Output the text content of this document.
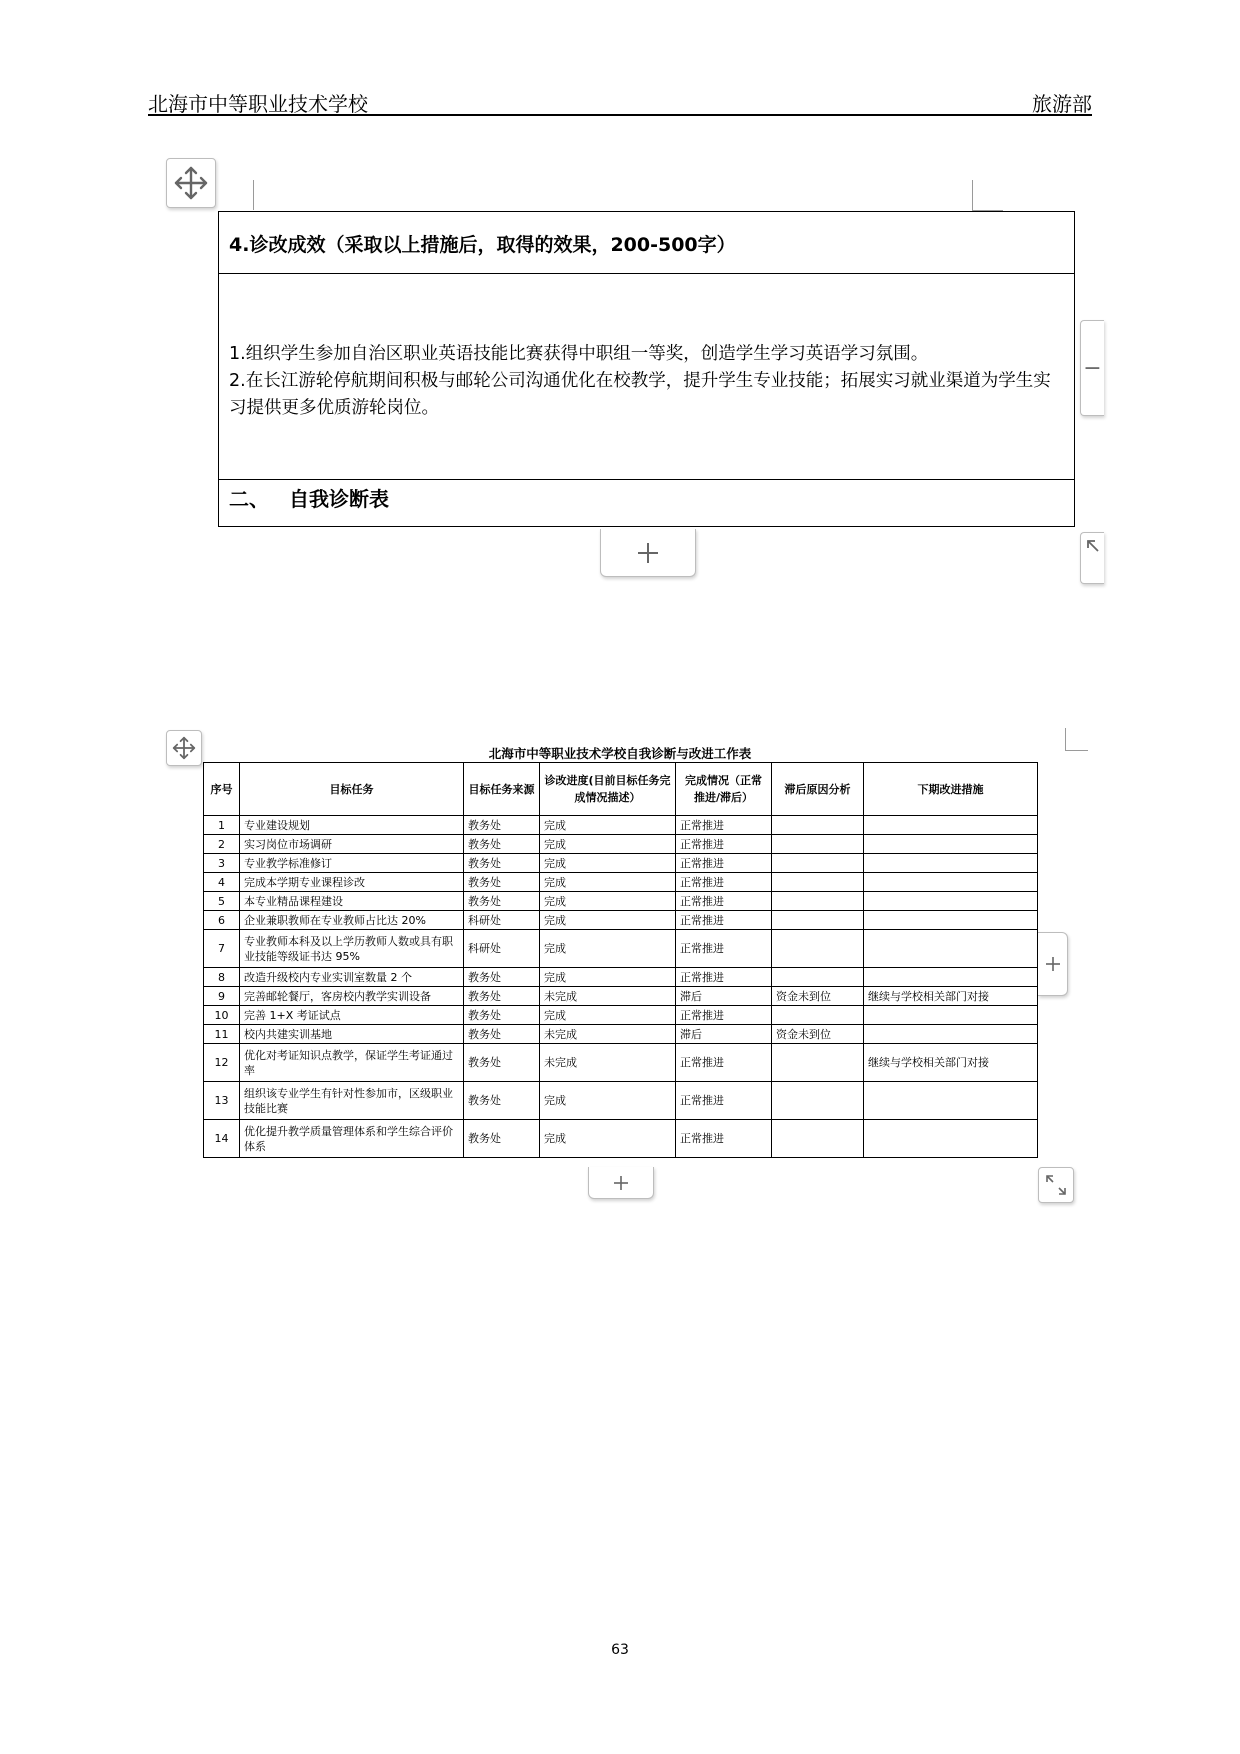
北海市中等职业技术学校	旅游部
4.诊改成效（采取以上措施后，取得的效果，200-500字）
1.组织学生参加自治区职业英语技能比赛获得中职组一等奖，创造学生学习英语学习氛围。
2.在长江游轮停航期间积极与邮轮公司沟通优化在校教学，提升学生专业技能；拓展实习就业渠道为学生实习提供更多优质游轮岗位。
二、 自我诊断表
−
北海市中等职业技术学校自我诊断与改进工作表
序号	目标任务	目标任务来源	诊改进度(目前目标任务完成情况描述）	完成情况（正常推进/滞后）	滞后原因分析	下期改进措施
1	专业建设规划	教务处	完成	正常推进		
2	实习岗位市场调研	教务处	完成	正常推进		
3	专业教学标准修订	教务处	完成	正常推进		
4	完成本学期专业课程诊改	教务处	完成	正常推进		
5	本专业精品课程建设	教务处	完成	正常推进		
6	企业兼职教师在专业教师占比达 20%	科研处	完成	正常推进		
7	专业教师本科及以上学历教师人数或具有职业技能等级证书达 95%	科研处	完成	正常推进		
8	改造升级校内专业实训室数量 2 个	教务处	完成	正常推进		
9	完善邮轮餐厅，客房校内教学实训设备	教务处	未完成	滞后	资金未到位	继续与学校相关部门对接
10	完善 1+X 考证试点	教务处	完成	正常推进		
11	校内共建实训基地	教务处	未完成	滞后	资金未到位	
12	优化对考证知识点教学，保证学生考证通过率	教务处	未完成	正常推进		继续与学校相关部门对接
13	组织该专业学生有针对性参加市，区级职业技能比赛	教务处	完成	正常推进		
14	优化提升教学质量管理体系和学生综合评价体系	教务处	完成	正常推进		
63
